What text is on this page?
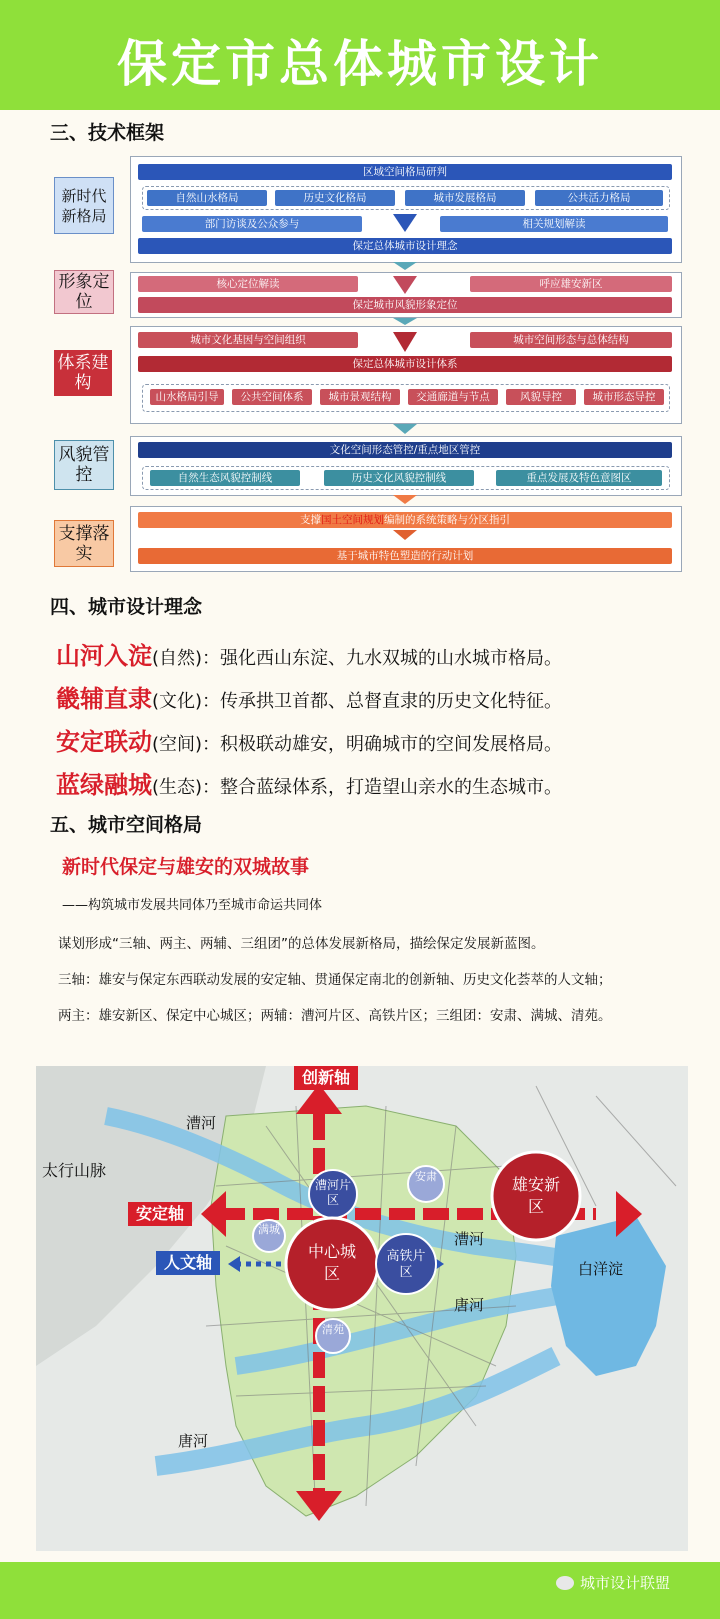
保定市总体城市设计
三、技术框架
新时代新格局
形象定位
体系建构
风貌管控
支撑落实
区域空间格局研判
自然山水格局	历史文化格局	城市发展格局	公共活力格局
部门访谈及公众参与	相关规划解读
保定总体城市设计理念
核心定位解读	呼应雄安新区
保定城市风貌形象定位
城市文化基因与空间组织	城市空间形态与总体结构
保定总体城市设计体系
山水格局引导	公共空间体系	城市景观结构	交通廊道与节点	风貌导控	城市形态导控
文化空间形态管控/重点地区管控
自然生态风貌控制线	历史文化风貌控制线	重点发展及特色意图区
支撑国土空间规划编制的系统策略与分区指引
基于城市特色塑造的行动计划
四、城市设计理念
山河入淀(自然)：强化西山东淀、九水双城的山水城市格局。
畿辅直隶(文化)：传承拱卫首都、总督直隶的历史文化特征。
安定联动(空间)：积极联动雄安，明确城市的空间发展格局。
蓝绿融城(生态)：整合蓝绿体系，打造望山亲水的生态城市。
五、城市空间格局
新时代保定与雄安的双城故事
——构筑城市发展共同体乃至城市命运共同体
谋划形成“三轴、两主、两辅、三组团”的总体发展新格局，描绘保定发展新蓝图。
三轴：雄安与保定东西联动发展的安定轴、贯通保定南北的创新轴、历史文化荟萃的人文轴；
两主：雄安新区、保定中心城区；两辅：漕河片区、高铁片区；三组团：安肃、满城、清苑。
创新轴
安定轴
人文轴
太行山脉
漕河
漕河
唐河
唐河
白洋淀
漕河片区
安肃
满城
中心城区
高铁片区
清苑
雄安新区
城市设计联盟
